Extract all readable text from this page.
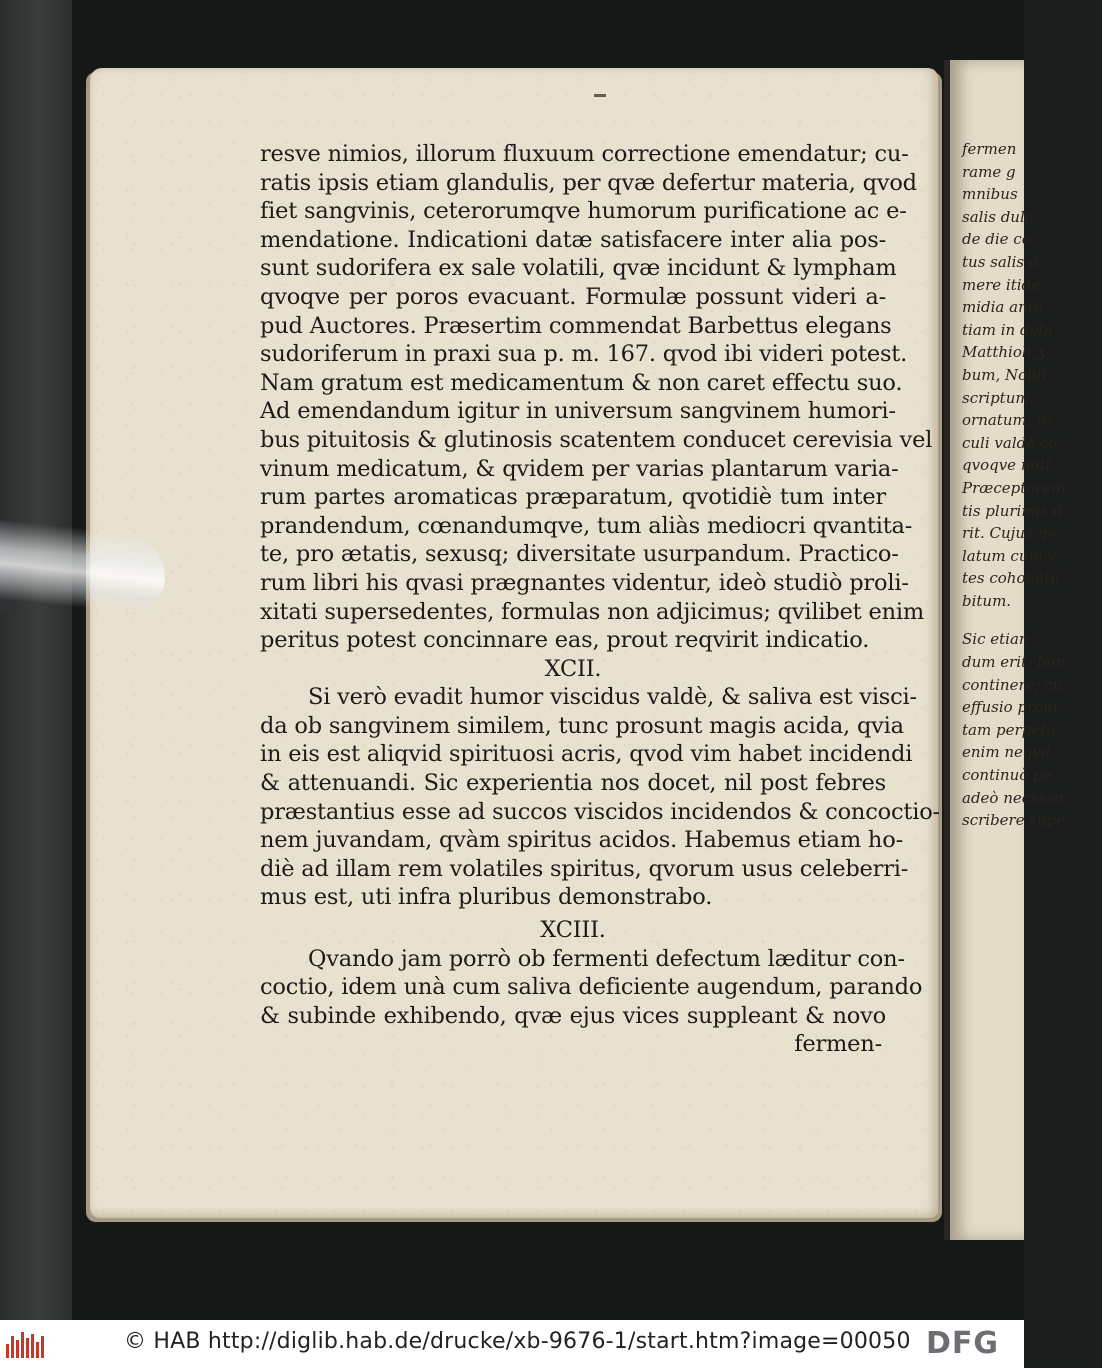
resve nimios, illorum fluxuum correctione emendatur; cu-
ratis ipsis etiam glandulis, per qvæ defertur materia, qvod
fiet sangvinis, ceterorumqve humorum purificatione ac e-
mendatione. Indicationi datæ satisfacere inter alia pos-
sunt sudorifera ex sale volatili, qvæ incidunt & lympham
qvoqve per poros evacuant. Formulæ possunt videri a-
pud Auctores. Præsertim commendat Barbettus elegans
sudoriferum in praxi sua p. m. 167. qvod ibi videri potest.
Nam gratum est medicamentum & non caret effectu suo.
Ad emendandum igitur in universum sangvinem humori-
bus pituitosis & glutinosis scatentem conducet cerevisia vel
vinum medicatum, & qvidem per varias plantarum varia-
rum partes aromaticas præparatum, qvotidiè tum inter
prandendum, cœnandumqve, tum aliàs mediocri qvantita-
te, pro ætatis, sexusq; diversitate usurpandum. Practico-
rum libri his qvasi prægnantes videntur, ideò studiò proli-
xitati supersedentes, formulas non adjicimus; qvilibet enim
peritus potest concinnare eas, prout reqvirit indicatio.
XCII.
Si verò evadit humor viscidus valdè, & saliva est visci-
da ob sangvinem similem, tunc prosunt magis acida, qvia
in eis est aliqvid spirituosi acris, qvod vim habet incidendi
& attenuandi. Sic experientia nos docet, nil post febres
præstantius esse ad succos viscidos incidendos & concoctio-
nem juvandam, qvàm spiritus acidos. Habemus etiam ho-
diè ad illam rem volatiles spiritus, qvorum usus celeberri-
mus est, uti infra pluribus demonstrabo.
XCIII.
Qvando jam porrò ob fermenti defectum læditur con-
coctio, idem unà cum saliva deficiente augendum, parando
& subinde exhibendo, qvæ ejus vices suppleant & novo
fermen-
fermen
rame g
mnibus
salis dulc
de die co
tus salis d
mere itide
midia ante
tiam in debi
Matthioli ʒ
bum, Nobil
scriptum,
ornatum, ra
culi valdè co
qvoqve noti
Præceptorem
tis plurimis d
rit. Cujus qv
latum cum v
tes cohobatu
bitum.
Sic etian
dum erit: bon
continere; cu
effusio prom
tam perpetu
enim neqvit
continuò pe
adeò necessa
scribere supe
© HAB http://diglib.hab.de/drucke/xb-9676-1/start.htm?image=00050 DFG
